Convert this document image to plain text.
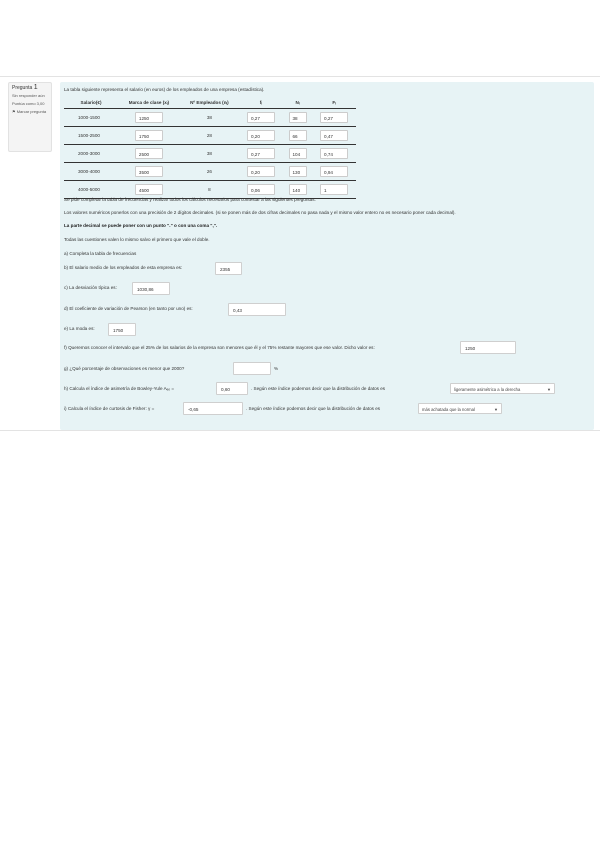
Pregunta 1

Sin responder aún

Puntúa como 3,00

⚑ Marcar pregunta

La tabla siguiente representa el salario (en euros) de los empleados de una empresa (estadística).
Salario(€)	Marca de clase (xᵢ)	Nº Empleados (nᵢ)	fᵢ	Nᵢ	Fᵢ
1000-1500	1250	38	0,27	38	0,27
1500-2500	1750	28	0,20	66	0,47
2000-3000	2500	38	0,27	104	0,74
3000-4000	3500	26	0,20	130	0,94
4000-5000	4500	8	0,06	140	1
Se pide completar la tabla de frecuencias y realizar todos los cálculos necesarios para contestar a las siguientes preguntas.
Los valores numéricos ponerlos con una precisión de 2 dígitos decimales. (si se ponen más de dos cifras decimales no pasa nada y el mismo valor entero no es necesario poner cada decimal).
La parte decimal se puede poner con un punto "." o con una coma ",".
Todas las cuestiones valen lo mismo salvo el primero que vale el doble.
a) Completa la tabla de frecuencias
b) El salario medio de los empleados de esta empresa es:	2355
c) La desviación típica es:	1030,86
d) El coeficiente de variación de Pearson (en tanto por uno) es:	0,43
e) La moda es:	1750
f) Queremos conocer el intervalo que el 25% de los salarios de la empresa son menores que él y el 75% restante mayores que ese valor. Dicho valor es:	1250
g) ¿Qué porcentaje de observaciones es menor que 2000?	%
h) Calcula el índice de asimetría de Bowley-Yule Aₑₒ =	0,60	. Según este índice podemos decir que la distribución de datos es	ligeramente asimétrica a la derecha	▼
i) Calcula el índice de curtosis de Fisher: γ =	-0,65	. Según este índice podemos decir que la distribución de datos es	más achatada que la normal	▼
